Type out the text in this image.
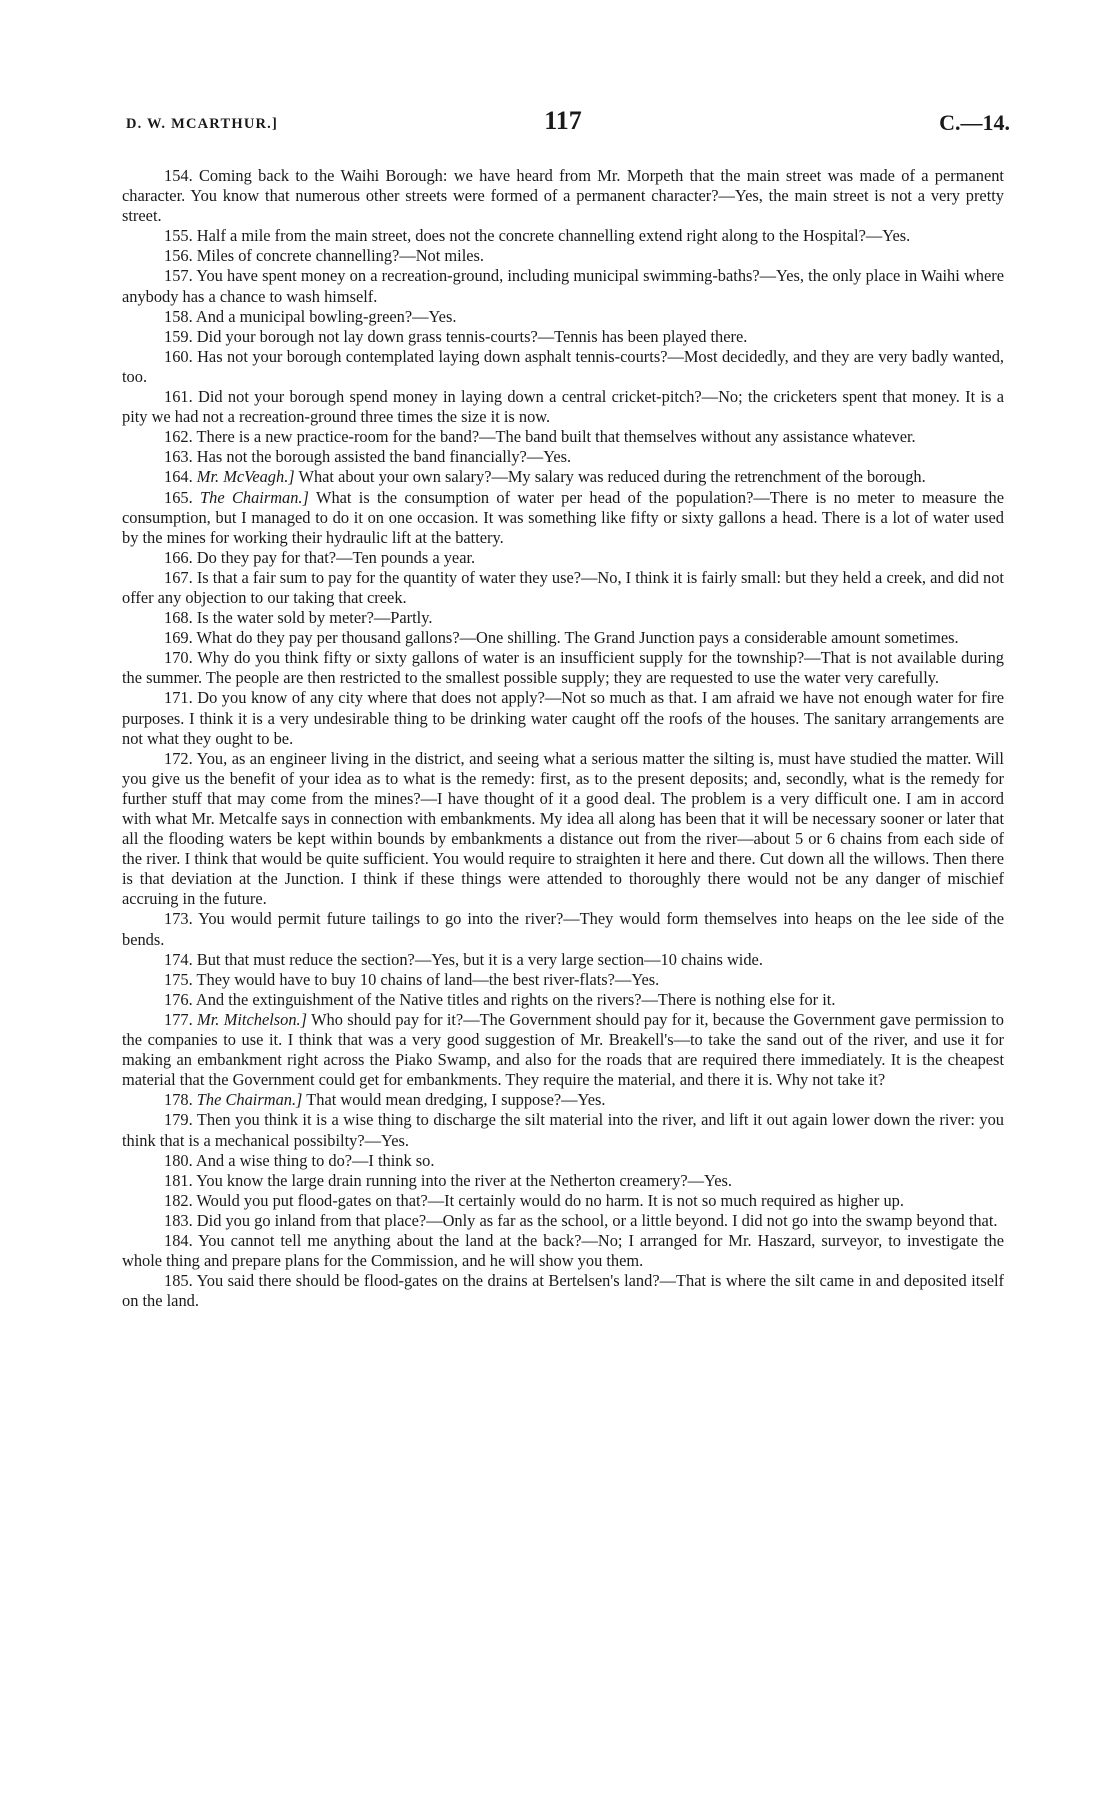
D. W. MCARTHUR.]	117	C.—14.

154. Coming back to the Waihi Borough: we have heard from Mr. Morpeth that the main street was made of a permanent character. You know that numerous other streets were formed of a permanent character?—Yes, the main street is not a very pretty street.

155. Half a mile from the main street, does not the concrete channelling extend right along to the Hospital?—Yes.

156. Miles of concrete channelling?—Not miles.

157. You have spent money on a recreation-ground, including municipal swimming-baths?—Yes, the only place in Waihi where anybody has a chance to wash himself.

158. And a municipal bowling-green?—Yes.

159. Did your borough not lay down grass tennis-courts?—Tennis has been played there.

160. Has not your borough contemplated laying down asphalt tennis-courts?—Most decidedly, and they are very badly wanted, too.

161. Did not your borough spend money in laying down a central cricket-pitch?—No; the cricketers spent that money. It is a pity we had not a recreation-ground three times the size it is now.

162. There is a new practice-room for the band?—The band built that themselves without any assistance whatever.

163. Has not the borough assisted the band financially?—Yes.

164. Mr. McVeagh.] What about your own salary?—My salary was reduced during the retrenchment of the borough.

165. The Chairman.] What is the consumption of water per head of the population?—There is no meter to measure the consumption, but I managed to do it on one occasion. It was something like fifty or sixty gallons a head. There is a lot of water used by the mines for working their hydraulic lift at the battery.

166. Do they pay for that?—Ten pounds a year.

167. Is that a fair sum to pay for the quantity of water they use?—No, I think it is fairly small: but they held a creek, and did not offer any objection to our taking that creek.

168. Is the water sold by meter?—Partly.

169. What do they pay per thousand gallons?—One shilling. The Grand Junction pays a considerable amount sometimes.

170. Why do you think fifty or sixty gallons of water is an insufficient supply for the township?—That is not available during the summer. The people are then restricted to the smallest possible supply; they are requested to use the water very carefully.

171. Do you know of any city where that does not apply?—Not so much as that. I am afraid we have not enough water for fire purposes. I think it is a very undesirable thing to be drinking water caught off the roofs of the houses. The sanitary arrangements are not what they ought to be.

172. You, as an engineer living in the district, and seeing what a serious matter the silting is, must have studied the matter. Will you give us the benefit of your idea as to what is the remedy: first, as to the present deposits; and, secondly, what is the remedy for further stuff that may come from the mines?—I have thought of it a good deal. The problem is a very difficult one. I am in accord with what Mr. Metcalfe says in connection with embankments. My idea all along has been that it will be necessary sooner or later that all the flooding waters be kept within bounds by embankments a distance out from the river—about 5 or 6 chains from each side of the river. I think that would be quite sufficient. You would require to straighten it here and there. Cut down all the willows. Then there is that deviation at the Junction. I think if these things were attended to thoroughly there would not be any danger of mischief accruing in the future.

173. You would permit future tailings to go into the river?—They would form themselves into heaps on the lee side of the bends.

174. But that must reduce the section?—Yes, but it is a very large section—10 chains wide.

175. They would have to buy 10 chains of land—the best river-flats?—Yes.

176. And the extinguishment of the Native titles and rights on the rivers?—There is nothing else for it.

177. Mr. Mitchelson.] Who should pay for it?—The Government should pay for it, because the Government gave permission to the companies to use it. I think that was a very good suggestion of Mr. Breakell's—to take the sand out of the river, and use it for making an embankment right across the Piako Swamp, and also for the roads that are required there immediately. It is the cheapest material that the Government could get for embankments. They require the material, and there it is. Why not take it?

178. The Chairman.] That would mean dredging, I suppose?—Yes.

179. Then you think it is a wise thing to discharge the silt material into the river, and lift it out again lower down the river: you think that is a mechanical possibilty?—Yes.

180. And a wise thing to do?—I think so.

181. You know the large drain running into the river at the Netherton creamery?—Yes.

182. Would you put flood-gates on that?—It certainly would do no harm. It is not so much required as higher up.

183. Did you go inland from that place?—Only as far as the school, or a little beyond. I did not go into the swamp beyond that.

184. You cannot tell me anything about the land at the back?—No; I arranged for Mr. Haszard, surveyor, to investigate the whole thing and prepare plans for the Commission, and he will show you them.

185. You said there should be flood-gates on the drains at Bertelsen's land?—That is where the silt came in and deposited itself on the land.
